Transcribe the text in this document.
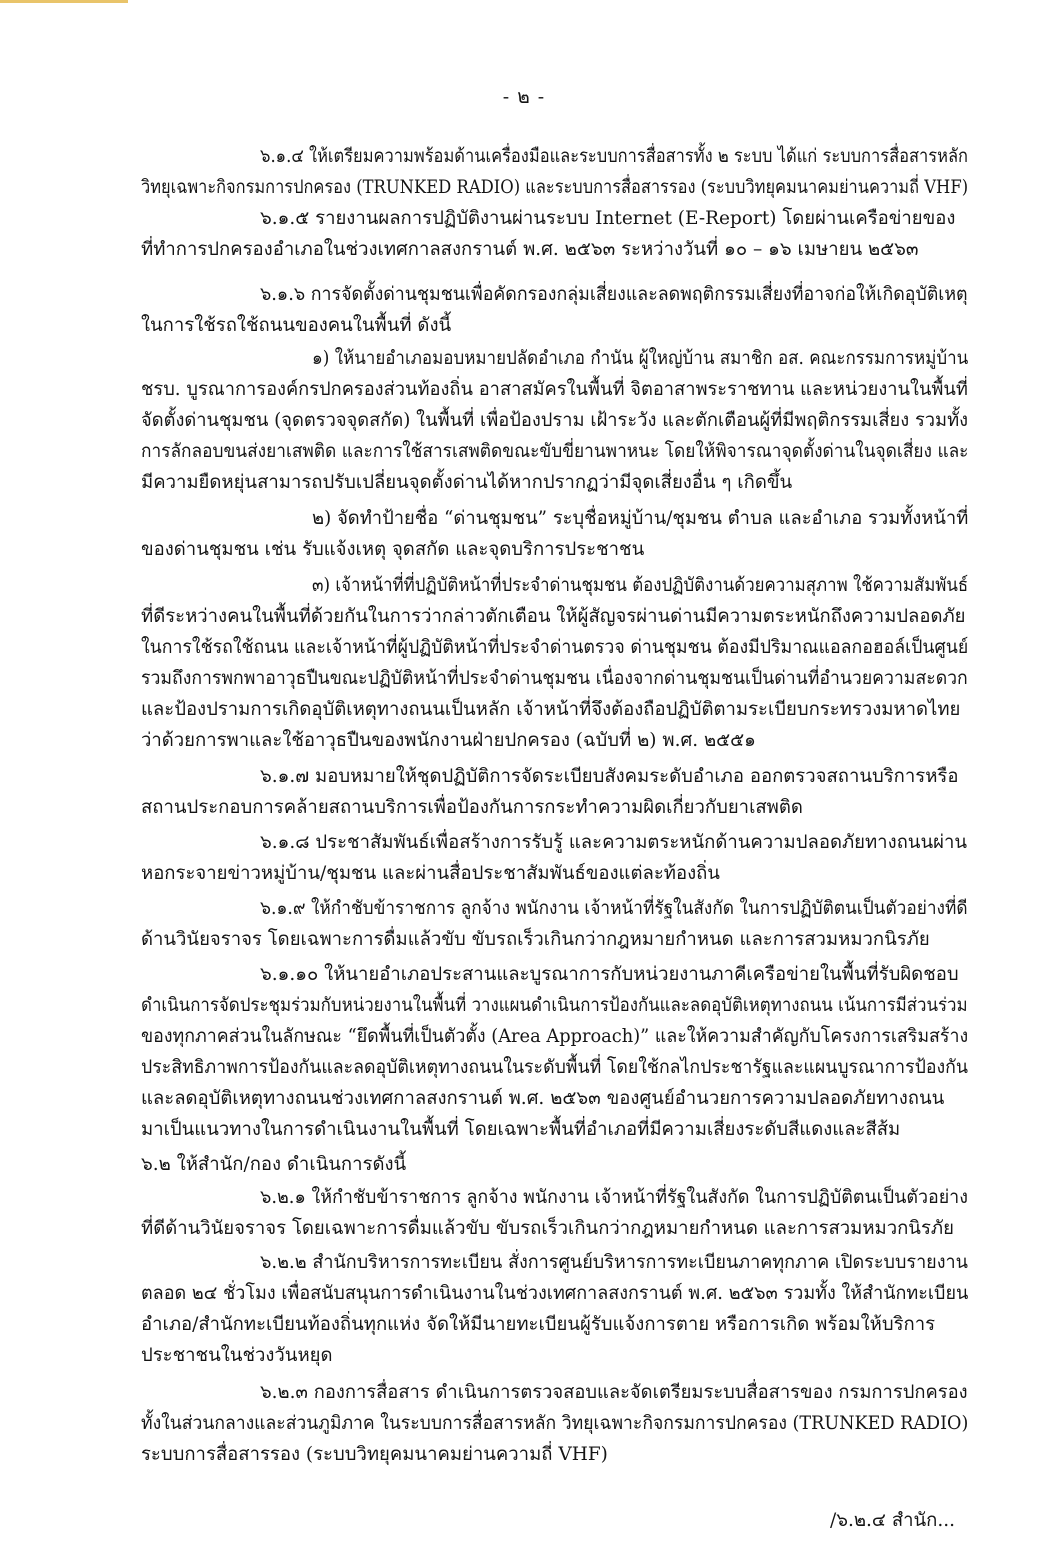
- ๒ -
๖.๑.๔ ให้เตรียมความพร้อมด้านเครื่องมือและระบบการสื่อสารทั้ง ๒ ระบบ ได้แก่ ระบบการสื่อสารหลัก
วิทยุเฉพาะกิจกรมการปกครอง (TRUNKED RADIO) และระบบการสื่อสารรอง (ระบบวิทยุคมนาคมย่านความถี่ VHF)
๖.๑.๕ รายงานผลการปฏิบัติงานผ่านระบบ Internet (E-Report) โดยผ่านเครือข่ายของ
ที่ทำการปกครองอำเภอในช่วงเทศกาลสงกรานต์ พ.ศ. ๒๕๖๓ ระหว่างวันที่ ๑๐ – ๑๖ เมษายน ๒๕๖๓
๖.๑.๖ การจัดตั้งด่านชุมชนเพื่อคัดกรองกลุ่มเสี่ยงและลดพฤติกรรมเสี่ยงที่อาจก่อให้เกิดอุบัติเหตุ
ในการใช้รถใช้ถนนของคนในพื้นที่ ดังนี้
๑) ให้นายอำเภอมอบหมายปลัดอำเภอ กำนัน ผู้ใหญ่บ้าน สมาชิก อส. คณะกรรมการหมู่บ้าน
ชรบ. บูรณาการองค์กรปกครองส่วนท้องถิ่น อาสาสมัครในพื้นที่ จิตอาสาพระราชทาน และหน่วยงานในพื้นที่
จัดตั้งด่านชุมชน (จุดตรวจจุดสกัด) ในพื้นที่ เพื่อป้องปราม เฝ้าระวัง และตักเตือนผู้ที่มีพฤติกรรมเสี่ยง รวมทั้ง
การลักลอบขนส่งยาเสพติด และการใช้สารเสพติดขณะขับขี่ยานพาหนะ โดยให้พิจารณาจุดตั้งด่านในจุดเสี่ยง และ
มีความยืดหยุ่นสามารถปรับเปลี่ยนจุดตั้งด่านได้หากปรากฏว่ามีจุดเสี่ยงอื่น ๆ เกิดขึ้น
๒) จัดทำป้ายชื่อ “ด่านชุมชน” ระบุชื่อหมู่บ้าน/ชุมชน ตำบล และอำเภอ รวมทั้งหน้าที่
ของด่านชุมชน เช่น รับแจ้งเหตุ จุดสกัด และจุดบริการประชาชน
๓) เจ้าหน้าที่ที่ปฏิบัติหน้าที่ประจำด่านชุมชน ต้องปฏิบัติงานด้วยความสุภาพ ใช้ความสัมพันธ์
ที่ดีระหว่างคนในพื้นที่ด้วยกันในการว่ากล่าวตักเตือน ให้ผู้สัญจรผ่านด่านมีความตระหนักถึงความปลอดภัย
ในการใช้รถใช้ถนน และเจ้าหน้าที่ผู้ปฏิบัติหน้าที่ประจำด่านตรวจ ด่านชุมชน ต้องมีปริมาณแอลกอฮอล์เป็นศูนย์
รวมถึงการพกพาอาวุธปืนขณะปฏิบัติหน้าที่ประจำด่านชุมชน เนื่องจากด่านชุมชนเป็นด่านที่อำนวยความสะดวก
และป้องปรามการเกิดอุบัติเหตุทางถนนเป็นหลัก เจ้าหน้าที่จึงต้องถือปฏิบัติตามระเบียบกระทรวงมหาดไทย
ว่าด้วยการพาและใช้อาวุธปืนของพนักงานฝ่ายปกครอง (ฉบับที่ ๒) พ.ศ. ๒๕๕๑
๖.๑.๗ มอบหมายให้ชุดปฏิบัติการจัดระเบียบสังคมระดับอำเภอ ออกตรวจสถานบริการหรือ
สถานประกอบการคล้ายสถานบริการเพื่อป้องกันการกระทำความผิดเกี่ยวกับยาเสพติด
๖.๑.๘ ประชาสัมพันธ์เพื่อสร้างการรับรู้ และความตระหนักด้านความปลอดภัยทางถนนผ่าน
หอกระจายข่าวหมู่บ้าน/ชุมชน และผ่านสื่อประชาสัมพันธ์ของแต่ละท้องถิ่น
๖.๑.๙ ให้กำชับข้าราชการ ลูกจ้าง พนักงาน เจ้าหน้าที่รัฐในสังกัด ในการปฏิบัติตนเป็นตัวอย่างที่ดี
ด้านวินัยจราจร โดยเฉพาะการดื่มแล้วขับ ขับรถเร็วเกินกว่ากฎหมายกำหนด และการสวมหมวกนิรภัย
๖.๑.๑๐ ให้นายอำเภอประสานและบูรณาการกับหน่วยงานภาคีเครือข่ายในพื้นที่รับผิดชอบ
ดำเนินการจัดประชุมร่วมกับหน่วยงานในพื้นที่ วางแผนดำเนินการป้องกันและลดอุบัติเหตุทางถนน เน้นการมีส่วนร่วม
ของทุกภาคส่วนในลักษณะ “ยึดพื้นที่เป็นตัวตั้ง (Area Approach)” และให้ความสำคัญกับโครงการเสริมสร้าง
ประสิทธิภาพการป้องกันและลดอุบัติเหตุทางถนนในระดับพื้นที่ โดยใช้กลไกประชารัฐและแผนบูรณาการป้องกัน
และลดอุบัติเหตุทางถนนช่วงเทศกาลสงกรานต์ พ.ศ. ๒๕๖๓ ของศูนย์อำนวยการความปลอดภัยทางถนน
มาเป็นแนวทางในการดำเนินงานในพื้นที่ โดยเฉพาะพื้นที่อำเภอที่มีความเสี่ยงระดับสีแดงและสีส้ม
๖.๒ ให้สำนัก/กอง ดำเนินการดังนี้
๖.๒.๑ ให้กำชับข้าราชการ ลูกจ้าง พนักงาน เจ้าหน้าที่รัฐในสังกัด ในการปฏิบัติตนเป็นตัวอย่าง
ที่ดีด้านวินัยจราจร โดยเฉพาะการดื่มแล้วขับ ขับรถเร็วเกินกว่ากฎหมายกำหนด และการสวมหมวกนิรภัย
๖.๒.๒ สำนักบริหารการทะเบียน สั่งการศูนย์บริหารการทะเบียนภาคทุกภาค เปิดระบบรายงาน
ตลอด ๒๔ ชั่วโมง เพื่อสนับสนุนการดำเนินงานในช่วงเทศกาลสงกรานต์ พ.ศ. ๒๕๖๓ รวมทั้ง ให้สำนักทะเบียน
อำเภอ/สำนักทะเบียนท้องถิ่นทุกแห่ง จัดให้มีนายทะเบียนผู้รับแจ้งการตาย หรือการเกิด พร้อมให้บริการ
ประชาชนในช่วงวันหยุด
๖.๒.๓ กองการสื่อสาร ดำเนินการตรวจสอบและจัดเตรียมระบบสื่อสารของ กรมการปกครอง
ทั้งในส่วนกลางและส่วนภูมิภาค ในระบบการสื่อสารหลัก วิทยุเฉพาะกิจกรมการปกครอง (TRUNKED RADIO)
ระบบการสื่อสารรอง (ระบบวิทยุคมนาคมย่านความถี่ VHF)
/๖.๒.๔ สำนัก...
